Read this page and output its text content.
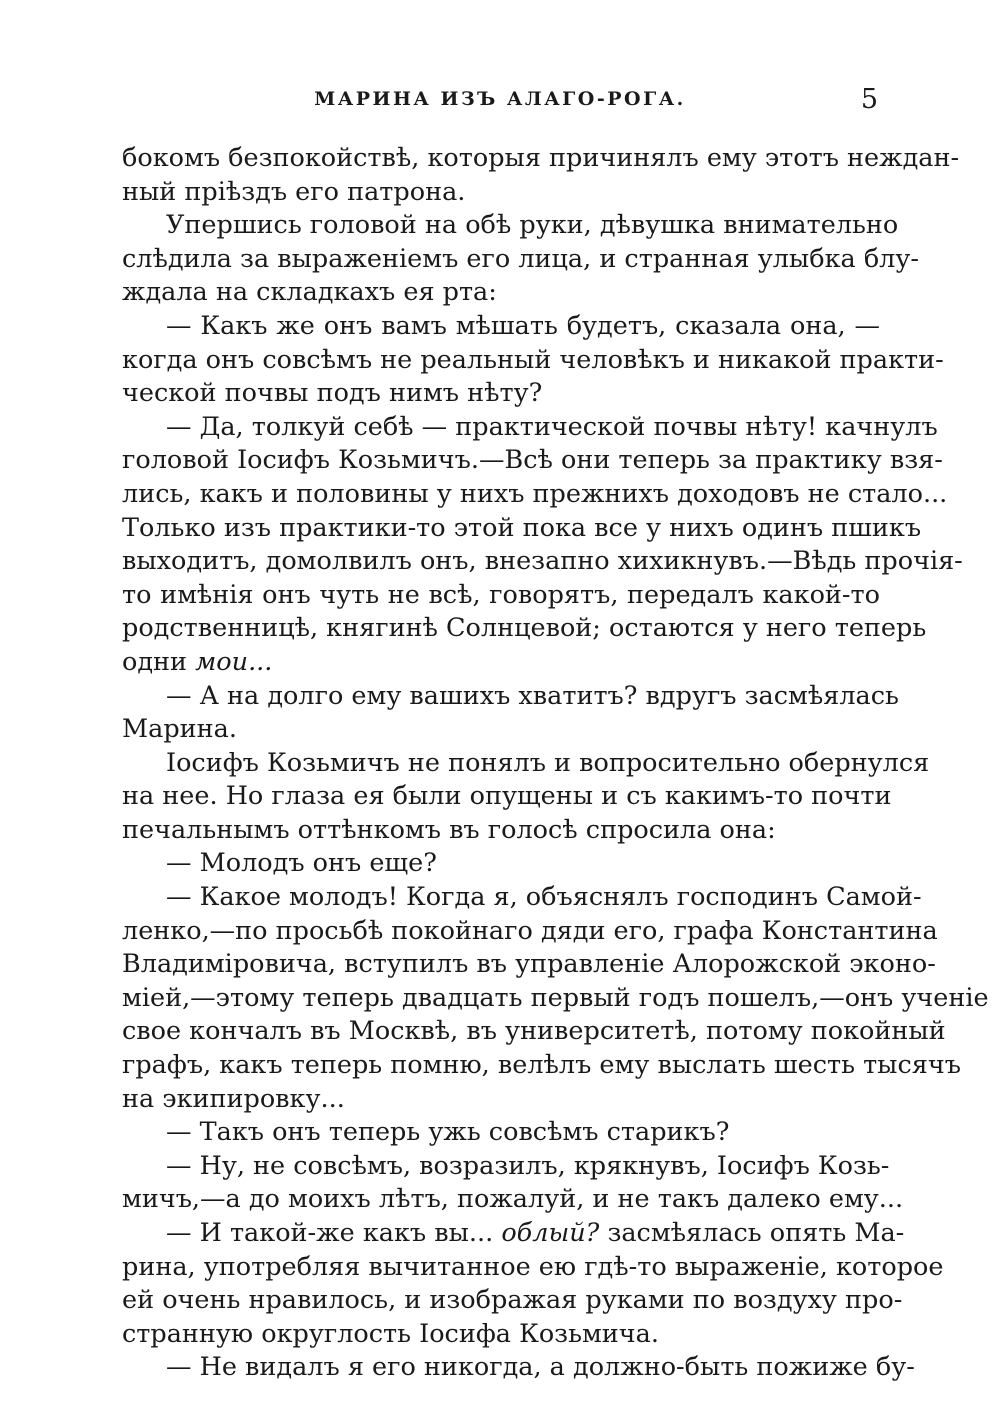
МАРИНА ИЗЪ АЛАГО-РОГА.	5
бокомъ безпокойствѣ, которыя причинялъ ему этотъ неждан-
ный пріѣздъ его патрона.
Упершись головой на обѣ руки, дѣвушка внимательно
слѣдила за выраженіемъ его лица, и странная улыбка блу-
ждала на складкахъ ея рта:
— Какъ же онъ вамъ мѣшать будетъ, сказала она, —
когда онъ совсѣмъ не реальный человѣкъ и никакой практи-
ческой почвы подъ нимъ нѣту?
— Да, толкуй себѣ — практической почвы нѣту! качнулъ
головой Іосифъ Козьмичъ.—Всѣ они теперь за практику взя-
лись, какъ и половины у нихъ прежнихъ доходовъ не стало...
Только изъ практики-то этой пока все у нихъ одинъ пшикъ
выходитъ, домолвилъ онъ, внезапно хихикнувъ.—Вѣдь прочія-
то имѣнія онъ чуть не всѣ, говорятъ, передалъ какой-то
родственницѣ, княгинѣ Солнцевой; остаются у него теперь
одни мои...
— А на долго ему вашихъ хватитъ? вдругъ засмѣялась
Марина.
Іосифъ Козьмичъ не понялъ и вопросительно обернулся
на нее. Но глаза ея были опущены и съ какимъ-то почти
печальнымъ оттѣнкомъ въ голосѣ спросила она:
— Молодъ онъ еще?
— Какое молодъ! Когда я, объяснялъ господинъ Самой-
ленко,—по просьбѣ покойнаго дяди его, графа Константина
Владиміровича, вступилъ въ управленіе Алорожской эконо-
міей,—этому теперь двадцать первый годъ пошелъ,—онъ ученіе
свое кончалъ въ Москвѣ, въ университетѣ, потому покойный
графъ, какъ теперь помню, велѣлъ ему выслать шесть тысячъ
на экипировку...
— Такъ онъ теперь ужь совсѣмъ старикъ?
— Ну, не совсѣмъ, возразилъ, крякнувъ, Іосифъ Козь-
мичъ,—а до моихъ лѣтъ, пожалуй, и не такъ далеко ему...
— И такой-же какъ вы... облый? засмѣялась опять Ма-
рина, употребляя вычитанное ею гдѣ-то выраженіе, которое
ей очень нравилось, и изображая руками по воздуху про-
странную округлость Іосифа Козьмича.
— Не видалъ я его никогда, а должно-быть пожиже бу-
